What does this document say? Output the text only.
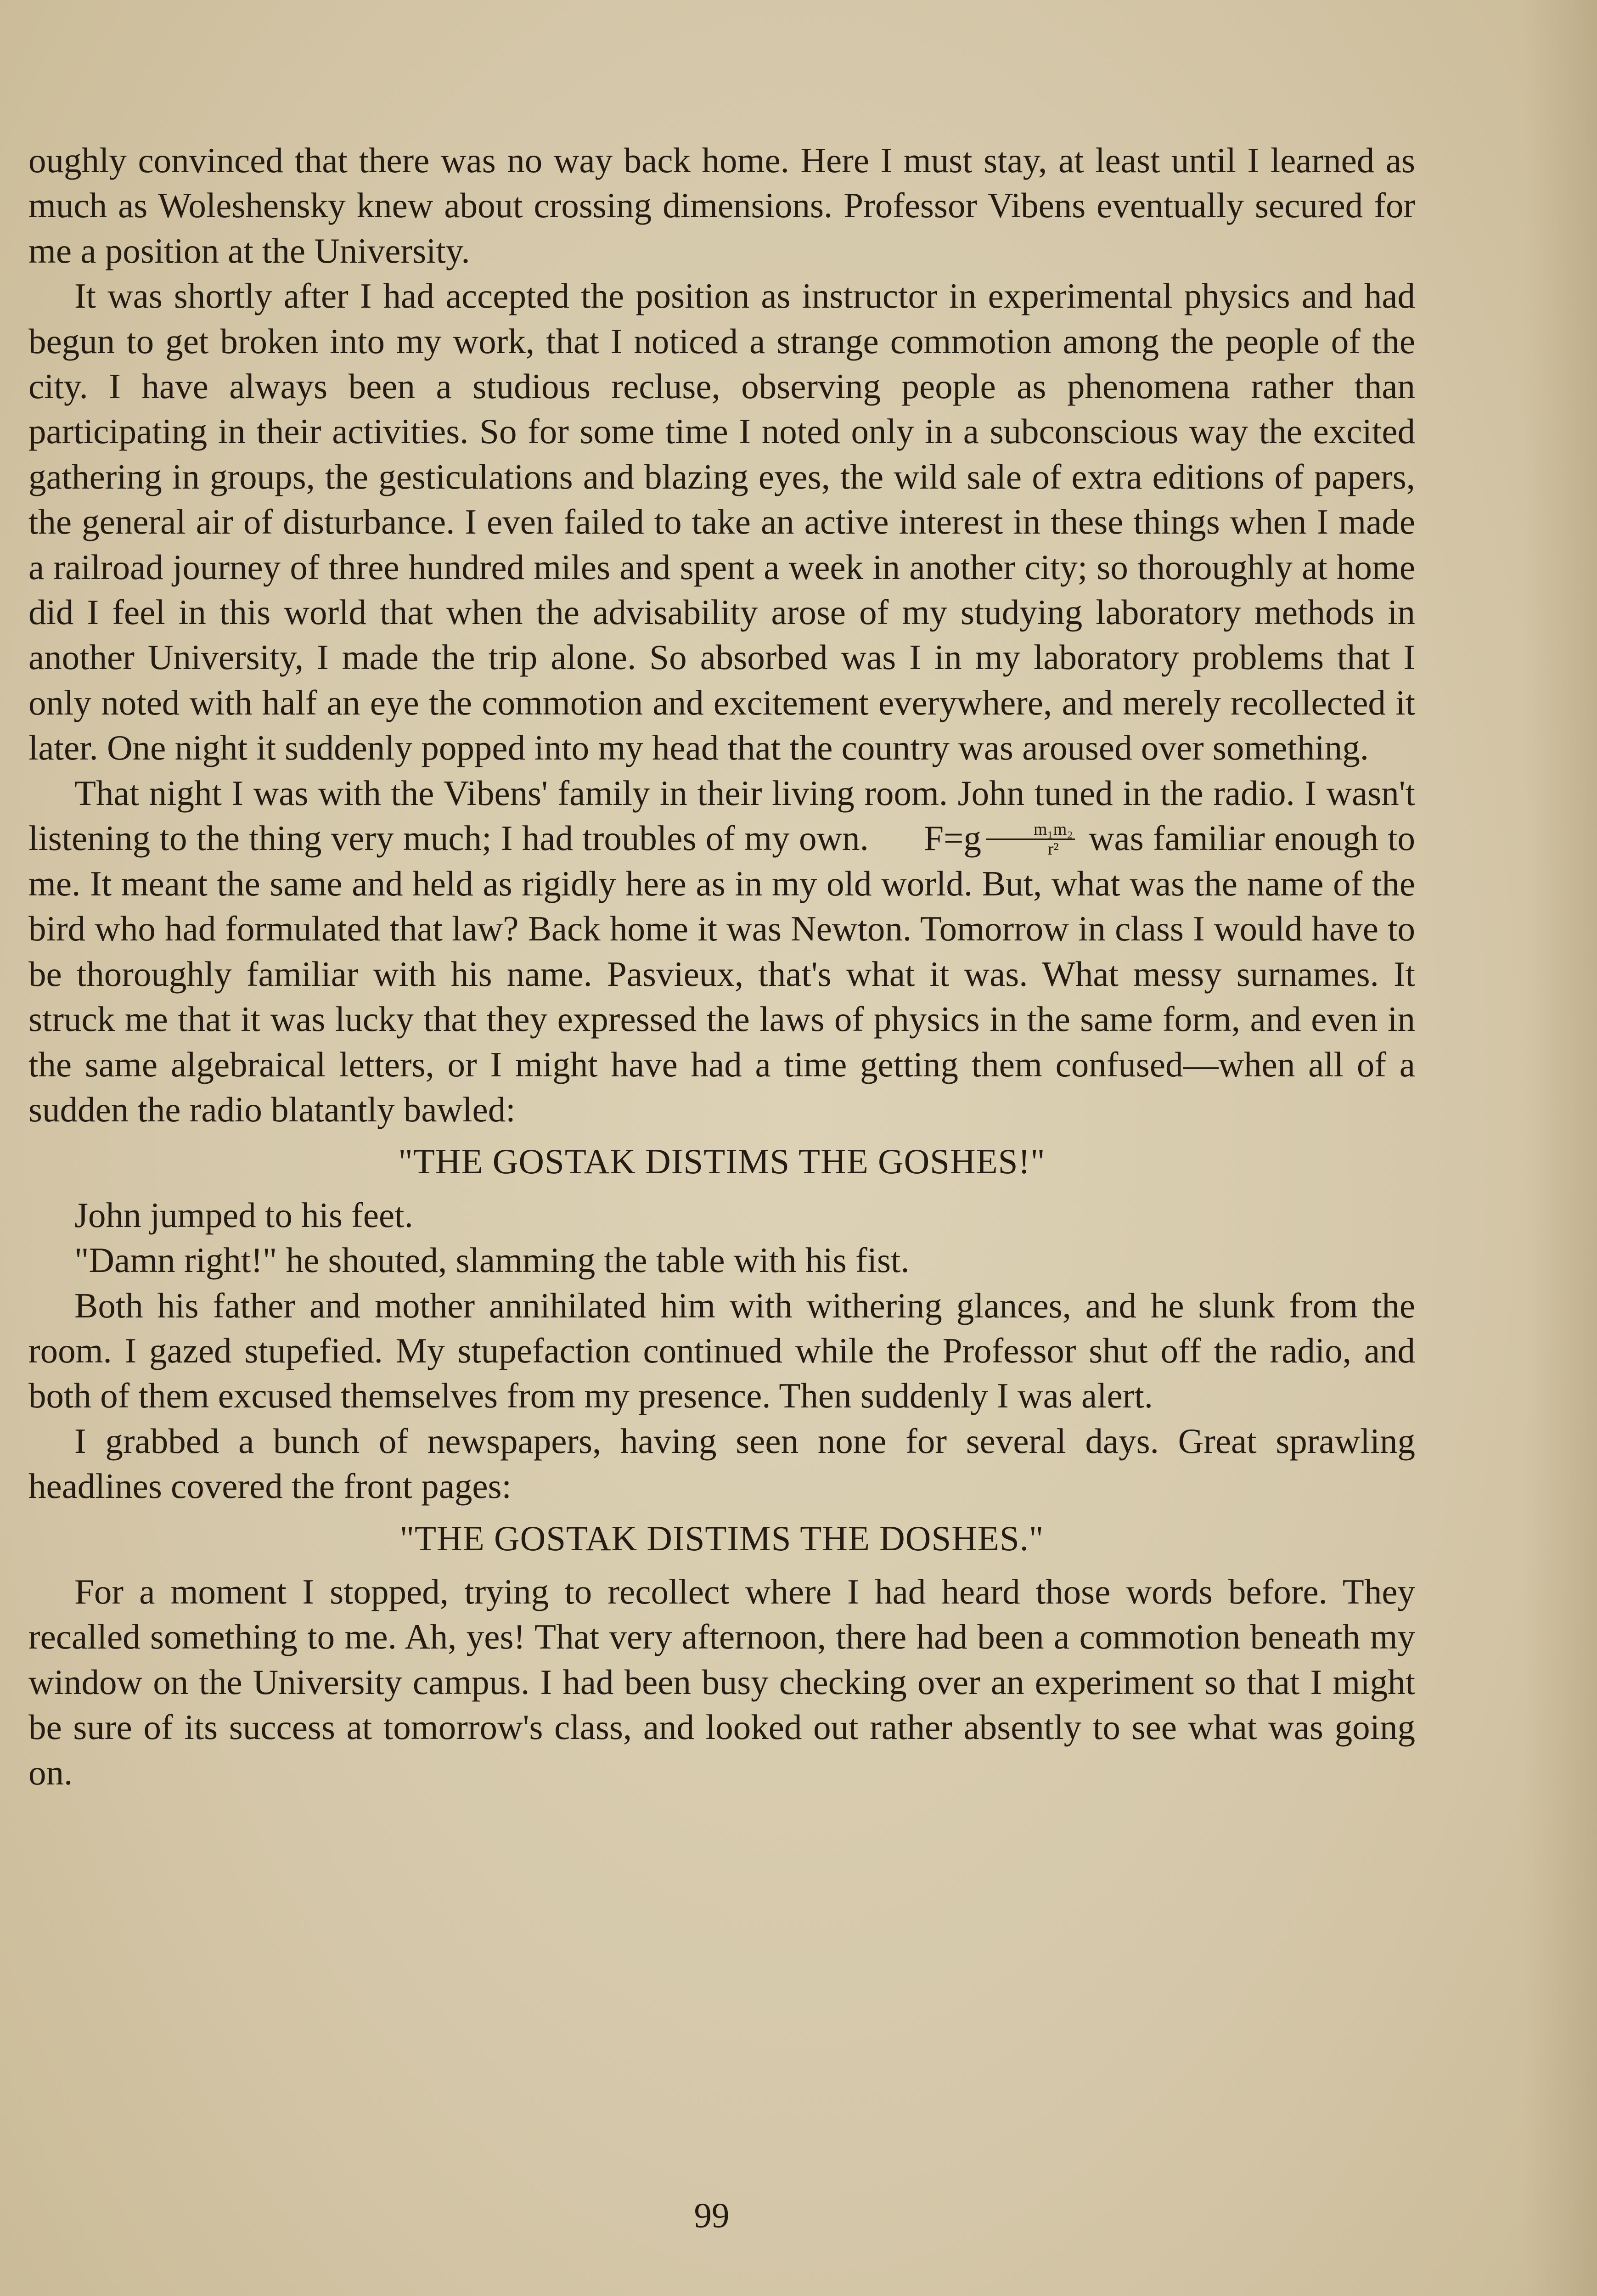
oughly convinced that there was no way back home. Here I must stay, at least until I learned as much as Woleshensky knew about crossing dimensions. Professor Vibens eventually secured for me a position at the University.

It was shortly after I had accepted the position as instructor in experimental physics and had begun to get broken into my work, that I noticed a strange commotion among the people of the city. I have always been a studious recluse, observing people as phenomena rather than participating in their activities. So for some time I noted only in a subconscious way the excited gathering in groups, the gesticulations and blazing eyes, the wild sale of extra editions of papers, the general air of disturbance. I even failed to take an active interest in these things when I made a railroad journey of three hundred miles and spent a week in another city; so thoroughly at home did I feel in this world that when the advisability arose of my studying laboratory methods in another University, I made the trip alone. So absorbed was I in my laboratory problems that I only noted with half an eye the commotion and excitement everywhere, and merely recollected it later. One night it suddenly popped into my head that the country was aroused over something.

That night I was with the Vibens' family in their living room. John tuned in the radio. I wasn't listening to the thing very much; I had troubles of my own. $F=g \frac{\text{m₁m₂}}{\text{r²}}$ was familiar enough to me. It meant the same and held as rigidly here as in my old world. But, what was the name of the bird who had formulated that law? Back home it was Newton. Tomorrow in class I would have to be thoroughly familiar with his name. Pasvieux, that's what it was. What messy surnames. It struck me that it was lucky that they expressed the laws of physics in the same form, and even in the same algebraical letters, or I might have had a time getting them confused—when all of a sudden the radio blatantly bawled:

"THE GOSTAK DISTIMS THE GOSHES!"

John jumped to his feet.

"Damn right!" he shouted, slamming the table with his fist.

Both his father and mother annihilated him with withering glances, and he slunk from the room. I gazed stupefied. My stupefaction continued while the Professor shut off the radio, and both of them excused themselves from my presence. Then suddenly I was alert.

I grabbed a bunch of newspapers, having seen none for several days. Great sprawling headlines covered the front pages:

"THE GOSTAK DISTIMS THE DOSHES."

For a moment I stopped, trying to recollect where I had heard those words before. They recalled something to me. Ah, yes! That very afternoon, there had been a commotion beneath my window on the University campus. I had been busy checking over an experiment so that I might be sure of its success at tomorrow's class, and looked out rather absently to see what was going on.

99
